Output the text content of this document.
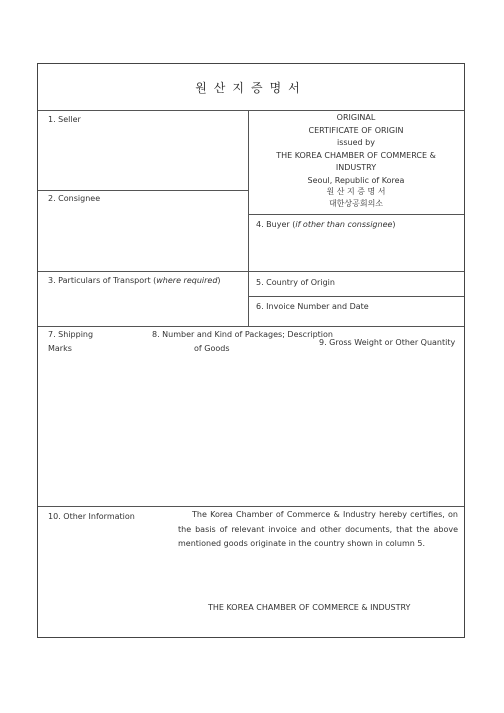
원산지증명서
1. Seller
2. Consignee
3. Particulars of Transport (where required)
ORIGINAL
CERTIFICATE OF ORIGIN
issued by
THE KOREA CHAMBER OF COMMERCE &
INDUSTRY
Seoul, Republic of Korea
원 산 지 증 명 서
대한상공회의소
4. Buyer (if other than conssignee)
5. Country of Origin
6. Invoice Number and Date
7. Shipping
Marks
8. Number and Kind of Packages; Description
of Goods
9. Gross Weight or Other Quantity
10. Other Information	The Korea Chamber of Commerce & Industry hereby certifies, on the basis of relevant invoice and other documents, that the above mentioned goods originate in the country shown in column 5.
THE KOREA CHAMBER OF COMMERCE & INDUSTRY
